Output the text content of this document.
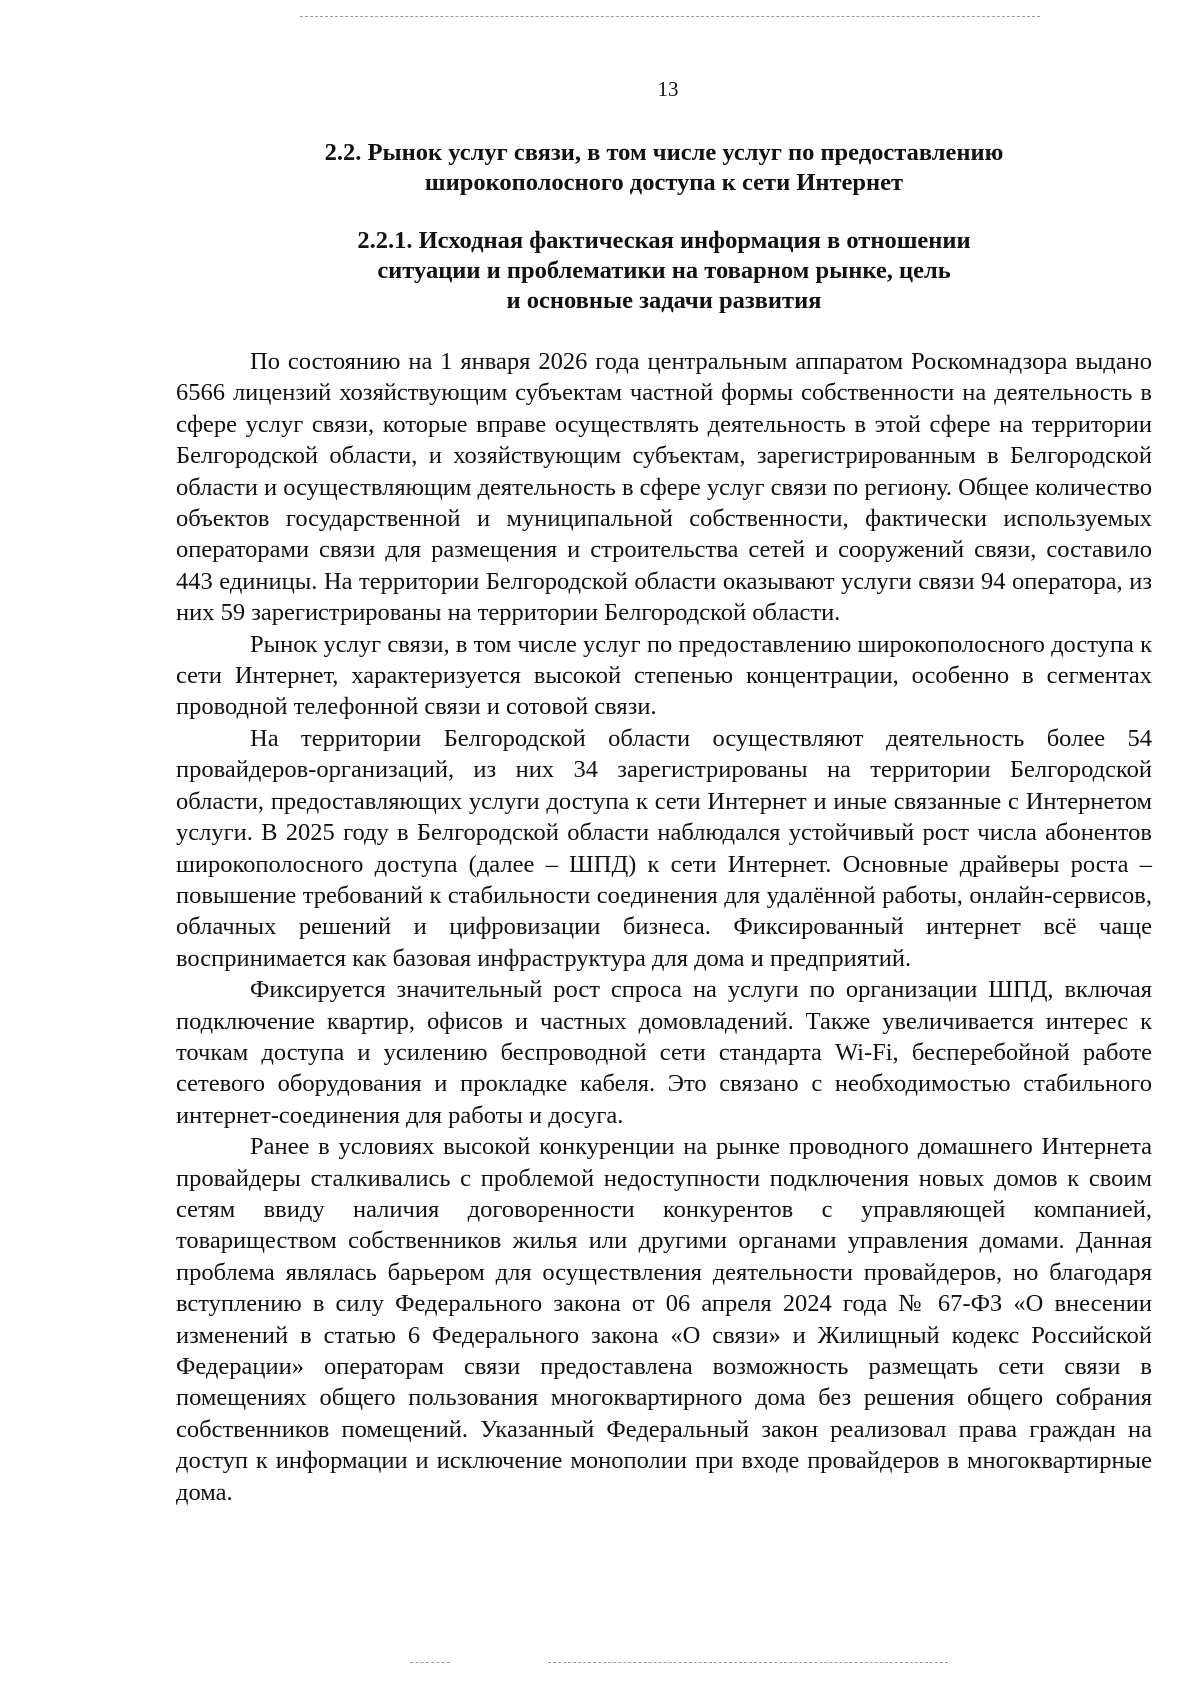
13
2.2. Рынок услуг связи, в том числе услуг по предоставлению
широкополосного доступа к сети Интернет
2.2.1. Исходная фактическая информация в отношении
ситуации и проблематики на товарном рынке, цель
и основные задачи развития

По состоянию на 1 января 2026 года центральным аппаратом Роскомнадзора выдано 6566 лицензий хозяйствующим субъектам частной формы собственности на деятельность в сфере услуг связи, которые вправе осуществлять деятельность в этой сфере на территории Белгородской области, и хозяйствующим субъектам, зарегистрированным в Белгородской области и осуществляющим деятельность в сфере услуг связи по региону. Общее количество объектов государственной и муниципальной собственности, фактически используемых операторами связи для размещения и строительства сетей и сооружений связи, составило 443 единицы. На территории Белгородской области оказывают услуги связи 94 оператора, из них 59 зарегистрированы на территории Белгородской области.

Рынок услуг связи, в том числе услуг по предоставлению широкополосного доступа к сети Интернет, характеризуется высокой степенью концентрации, особенно в сегментах проводной телефонной связи и сотовой связи.

На территории Белгородской области осуществляют деятельность более 54 провайдеров-организаций, из них 34 зарегистрированы на территории Белгородской области, предоставляющих услуги доступа к сети Интернет и иные связанные с Интернетом услуги. В 2025 году в Белгородской области наблюдался устойчивый рост числа абонентов широкополосного доступа (далее – ШПД) к сети Интернет. Основные драйверы роста – повышение требований к стабильности соединения для удалённой работы, онлайн-сервисов, облачных решений и цифровизации бизнеса. Фиксированный интернет всё чаще воспринимается как базовая инфраструктура для дома и предприятий.

Фиксируется значительный рост спроса на услуги по организации ШПД, включая подключение квартир, офисов и частных домовладений. Также увеличивается интерес к точкам доступа и усилению беспроводной сети стандарта Wi-Fi, бесперебойной работе сетевого оборудования и прокладке кабеля. Это связано с необходимостью стабильного интернет-соединения для работы и досуга.

Ранее в условиях высокой конкуренции на рынке проводного домашнего Интернета провайдеры сталкивались с проблемой недоступности подключения новых домов к своим сетям ввиду наличия договоренности конкурентов с управляющей компанией, товариществом собственников жилья или другими органами управления домами. Данная проблема являлась барьером для осуществления деятельности провайдеров, но благодаря вступлению в силу Федерального закона от 06 апреля 2024 года № 67-ФЗ «О внесении изменений в статью 6 Федерального закона «О связи» и Жилищный кодекс Российской Федерации» операторам связи предоставлена возможность размещать сети связи в помещениях общего пользования многоквартирного дома без решения общего собрания собственников помещений. Указанный Федеральный закон реализовал права граждан на доступ к информации и исключение монополии при входе провайдеров в многоквартирные дома.
